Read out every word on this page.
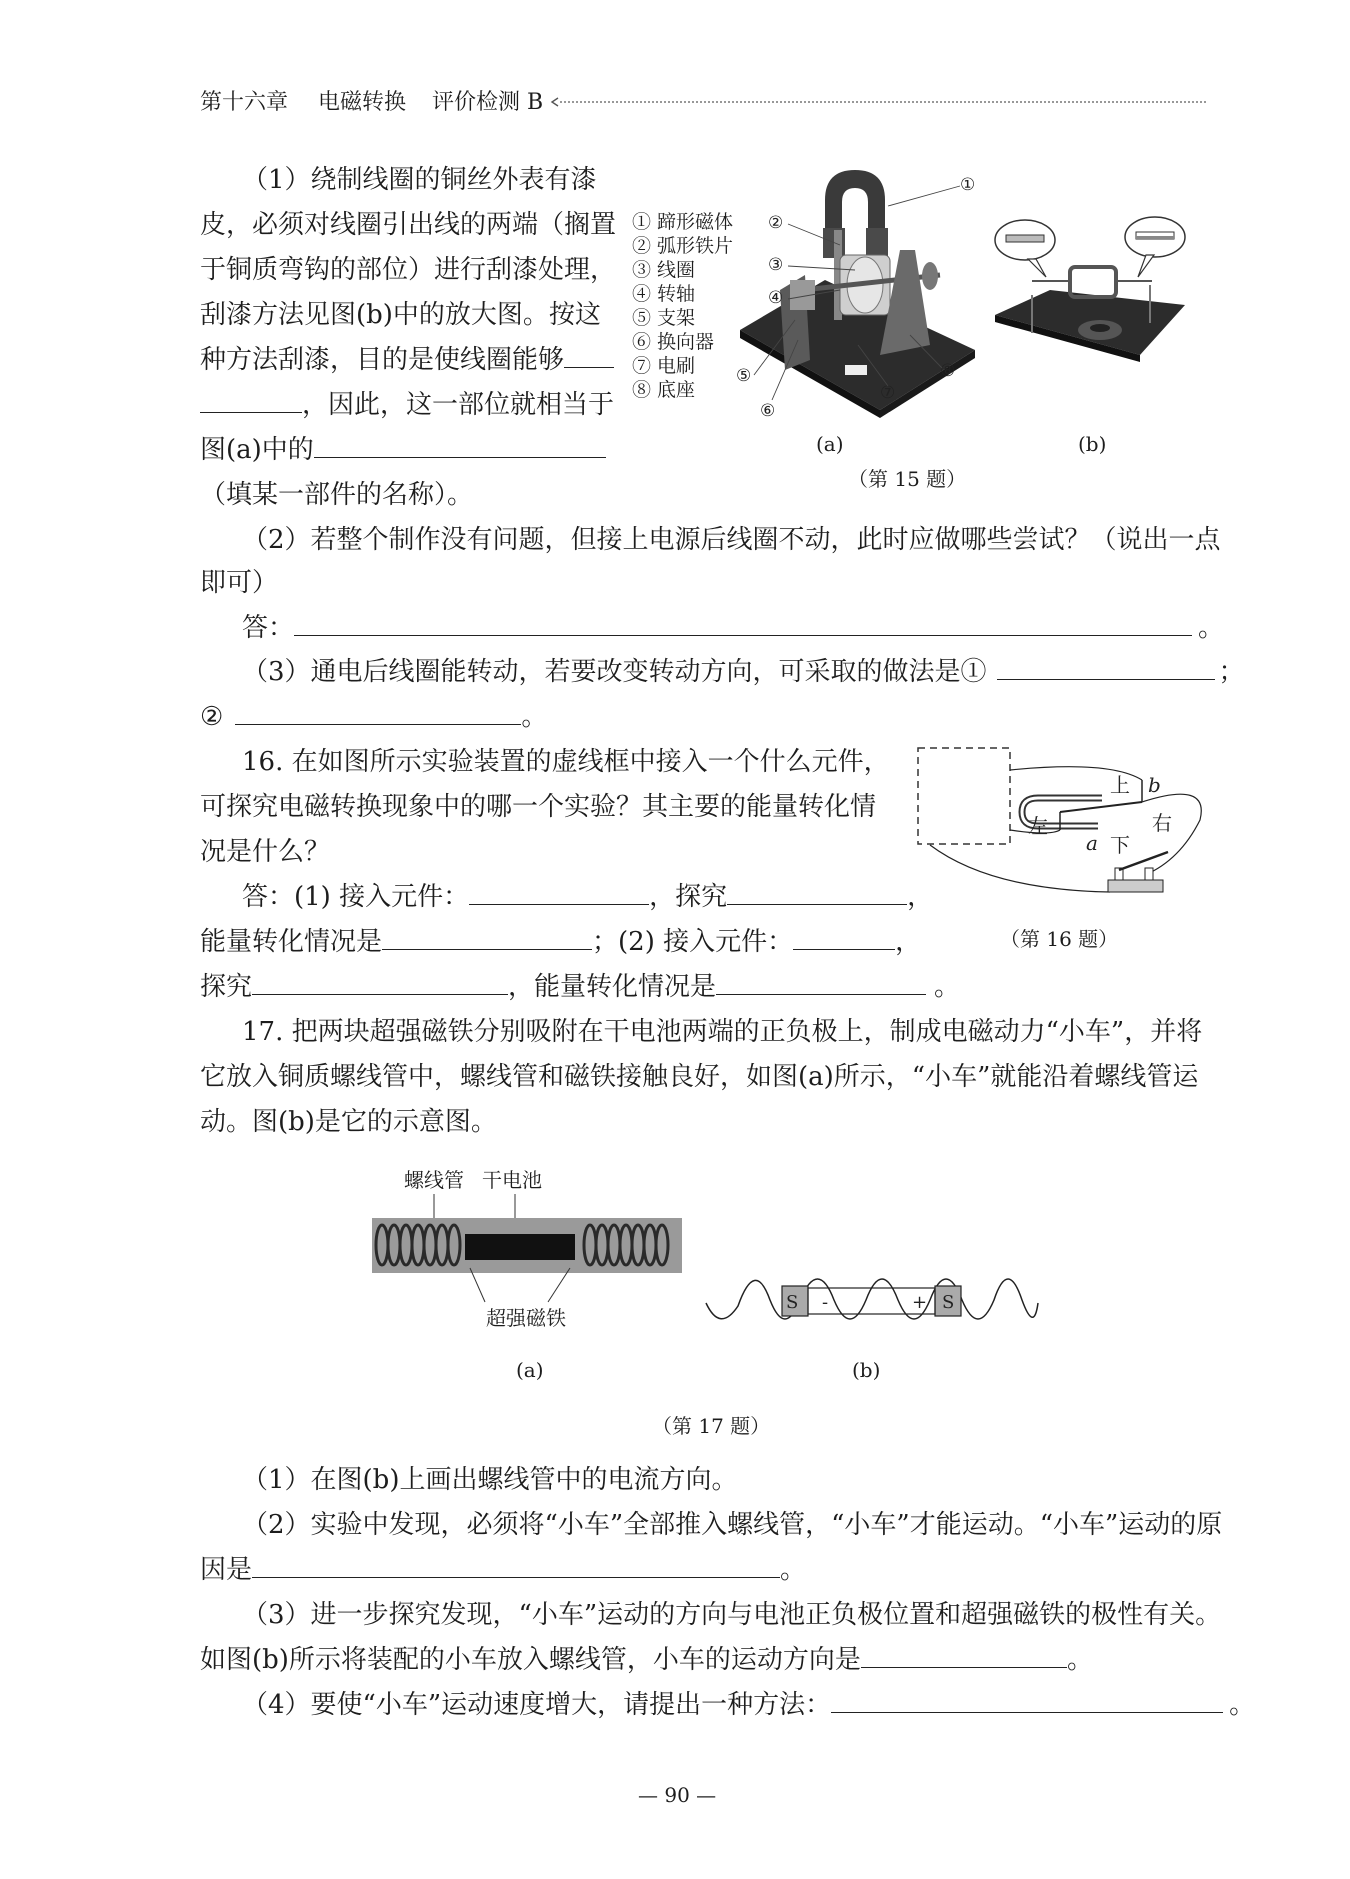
第十六章 电磁转换 评价检测 B
（1）绕制线圈的铜丝外表有漆
皮，必须对线圈引出线的两端（搁置
于铜质弯钩的部位）进行刮漆处理，
刮漆方法见图(b)中的放大图。按这
种方法刮漆，目的是使线圈能够
，因此，这一部位就相当于
图(a)中的
（填某一部件的名称）。
① 蹄形磁体
② 弧形铁片
③ 线圈
④ 转轴
⑤ 支架
⑥ 换向器
⑦ 电刷
⑧ 底座
①
②
③
④
⑤
⑥
⑦
⑧
(a)	(b)
（第 15 题）
（2）若整个制作没有问题，但接上电源后线圈不动，此时应做哪些尝试？（说出一点
即可）
答：	。
（3）通电后线圈能转动，若要改变转动方向，可采取的做法是①	；
②	。
16. 在如图所示实验装置的虚线框中接入一个什么元件，
可探究电磁转换现象中的哪一个实验？其主要的能量转化情
况是什么？
答：(1) 接入元件：	，探究	，
能量转化情况是	；(2) 接入元件：	，
探究	，能量转化情况是	。
上
下
左	右
a
b
（第 16 题）
17. 把两块超强磁铁分别吸附在干电池两端的正负极上，制成电磁动力“小车”，并将
它放入铜质螺线管中，螺线管和磁铁接触良好，如图(a)所示，“小车”就能沿着螺线管运
动。图(b)是它的示意图。
螺线管 干电池
超强磁铁
(a)
S -	+ S
(b)
（第 17 题）
（1）在图(b)上画出螺线管中的电流方向。
（2）实验中发现，必须将“小车”全部推入螺线管，“小车”才能运动。“小车”运动的原
因是	。
（3）进一步探究发现，“小车”运动的方向与电池正负极位置和超强磁铁的极性有关。
如图(b)所示将装配的小车放入螺线管，小车的运动方向是	。
（4）要使“小车”运动速度增大，请提出一种方法：	。
— 90 —
